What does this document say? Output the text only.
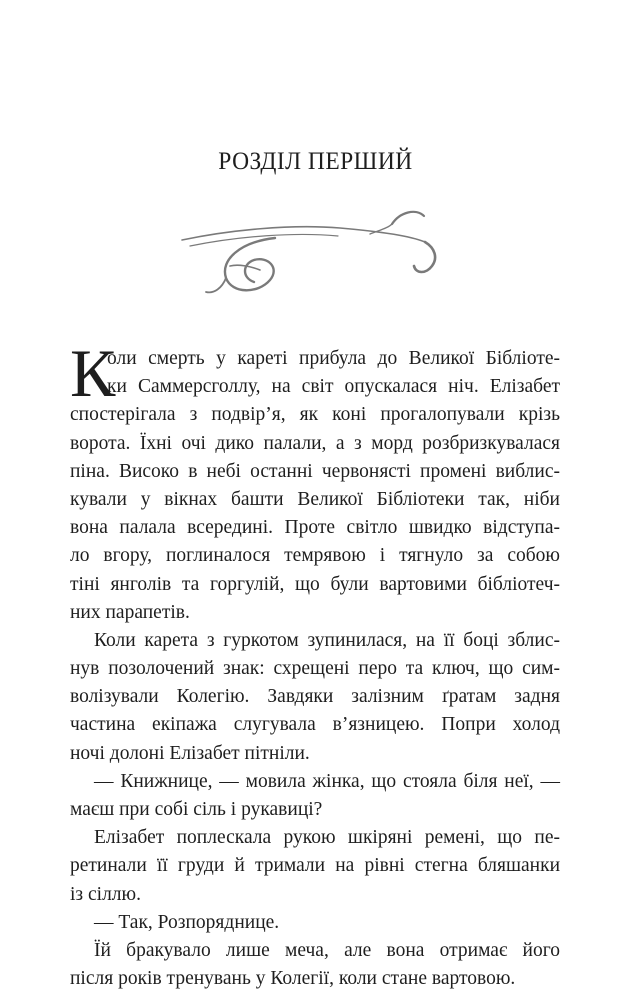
РОЗДІЛ ПЕРШИЙ
К
оли смерть у кареті прибула до Великої Бібліоте-
ки Саммерсголлу, на світ опускалася ніч. Елізабет
спостерігала з подвір’я, як коні прогалопували крізь
ворота. Їхні очі дико палали, а з морд розбризкувалася
піна. Високо в небі останні червоняcті промені виблис-
кували у вікнах башти Великої Бібліотеки так, ніби
вона палала всередині. Проте світло швидко відступа-
ло вгору, поглиналося темрявою і тягнуло за собою
тіні янголів та горгулій, що були вартовими бібліотеч-
них парапетів.
Коли карета з гуркотом зупинилася, на її боці зблис-
нув позолочений знак: схрещені перо та ключ, що сим-
волізували Колегію. Завдяки залізним ґратам задня
частина екіпажа слугувала в’язницею. Попри холод
ночі долоні Елізабет пітніли.
— Книжнице, — мовила жінка, що стояла біля неї, —
маєш при собі сіль і рукавиці?
Елізабет поплескала рукою шкіряні ремені, що пе-
ретинали її груди й тримали на рівні стегна бляшанки
із сіллю.
— Так, Розпоряднице.
Їй бракувало лише меча, але вона отримає його
після років тренувань у Колегії, коли стане вартовою.
